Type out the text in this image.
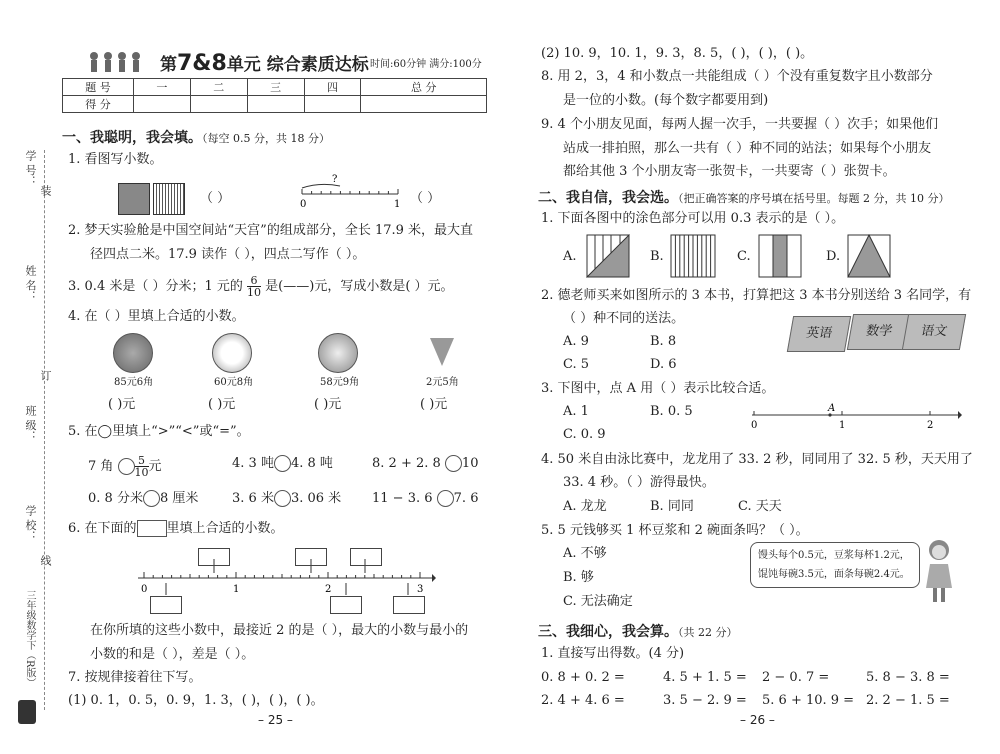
第7&8单元 综合素质达标 时间:60分钟 满分:100分
题 号	一	二	三	四	总 分
得 分					
学 号：
装
姓 名：
订
班 级：
学 校：
线
三年级数学下（R版）
一、我聪明，我会填。（每空 0.5 分，共 18 分）
1. 看图写小数。
（ ）
?
0	1 （ ）
2. 梦天实验舱是中国空间站“天宫”的组成部分，全长 17.9 米，最大直
径四点二米。17.9 读作（ ），四点二写作（ ）。
3. 0.4 米是（ ）分米；1 元的 $\frac{6}{10}$ 是(——)元，写成小数是( ）元。
4. 在（ ）里填上合适的小数。
85元6角	60元8角	58元9角	2元5角
( )元	( )元	( )元	( )元
5. 在◯里填上“>”“<”或“=”。
7 角 $\frac{5}{10}$ 元	4. 3 吨 4. 8 吨	8. 2 + 2. 8 10
0. 8 分米 8 厘米	3. 6 米 3. 06 米 11 − 3. 6 7. 6
6. 在下面的 里填上合适的小数。
0	1	2	3
在你所填的这些小数中，最接近 2 的是（ ），最大的小数与最小的
小数的和是（ ），差是（ ）。
7. 按规律接着往下写。
(1) 0. 1，0. 5，0. 9，1. 3，( )，( )，( )。
– 25 –
(2) 10. 9，10. 1，9. 3，8. 5，( )，( )，( )。
8. 用 2，3，4 和小数点一共能组成（ ）个没有重复数字且小数部分
是一位的小数。(每个数字都要用到)
9. 4 个小朋友见面，每两人握一次手，一共要握（ ）次手；如果他们
站成一排拍照，那么一共有（ ）种不同的站法；如果每个小朋友
都给其他 3 个小朋友寄一张贺卡，一共要寄（ ）张贺卡。
二、我自信，我会选。（把正确答案的序号填在括号里。每题 2 分，共 10 分）
1. 下面各图中的涂色部分可以用 0.3 表示的是（ ）。
A.	B.	C.	D.
2. 德老师买来如图所示的 3 本书，打算把这 3 本书分别送给 3 名同学，有
（ ）种不同的送法。
A. 9	B. 8
C. 5	D. 6
英语	数学	语文
3. 下图中，点 A 用（ ）表示比较合适。
A. 1	B. 0. 5
C. 0. 9
A
0	1	2
4. 50 米自由泳比赛中，龙龙用了 33. 2 秒，同同用了 32. 5 秒，天天用了
33. 4 秒。（ ）游得最快。
A. 龙龙	B. 同同	C. 天天
5. 5 元钱够买 1 杯豆浆和 2 碗面条吗？（ ）。
A. 不够
B. 够
C. 无法确定
馒头每个0.5元，豆浆每杯1.2元，
馄饨每碗3.5元，面条每碗2.4元。
三、我细心，我会算。（共 22 分）
1. 直接写出得数。(4 分)
0. 8 + 0. 2 =	4. 5 + 1. 5 = 2 − 0. 7 =	5. 8 − 3. 8 =
2. 4 + 4. 6 =	3. 5 − 2. 9 = 5. 6 + 10. 9 = 2. 2 − 1. 5 =
– 26 –
